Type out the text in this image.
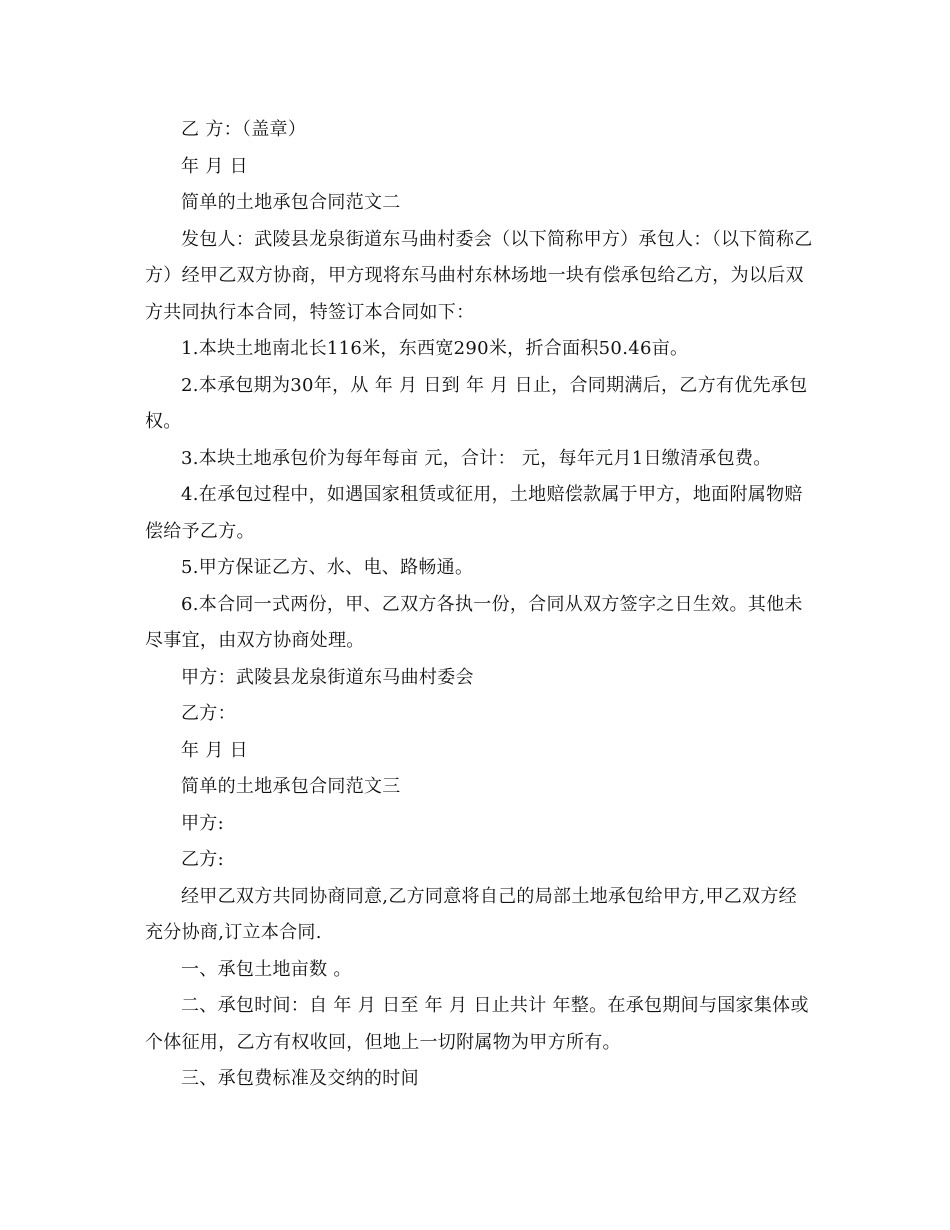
乙 方：（盖章）

年 月 日

简单的土地承包合同范文二

发包人：武陵县龙泉街道东马曲村委会（以下简称甲方）承包人：（以下简称乙方）经甲乙双方协商，甲方现将东马曲村东林场地一块有偿承包给乙方，为以后双方共同执行本合同，特签订本合同如下：

1.本块土地南北长116米，东西宽290米，折合面积50.46亩。

2.本承包期为30年，从 年 月 日到 年 月 日止，合同期满后，乙方有优先承包权。

3.本块土地承包价为每年每亩 元，合计： 元，每年元月1日缴清承包费。

4.在承包过程中，如遇国家租赁或征用，土地赔偿款属于甲方，地面附属物赔偿给予乙方。

5.甲方保证乙方、水、电、路畅通。

6.本合同一式两份，甲、乙双方各执一份，合同从双方签字之日生效。其他未尽事宜，由双方协商处理。

甲方：武陵县龙泉街道东马曲村委会

乙方：

年 月 日

简单的土地承包合同范文三

甲方:

乙方:

经甲乙双方共同协商同意,乙方同意将自己的局部土地承包给甲方,甲乙双方经充分协商,订立本合同.

一、承包土地亩数 。

二、承包时间：自 年 月 日至 年 月 日止共计 年整。在承包期间与国家集体或个体征用，乙方有权收回，但地上一切附属物为甲方所有。

三、承包费标准及交纳的时间
